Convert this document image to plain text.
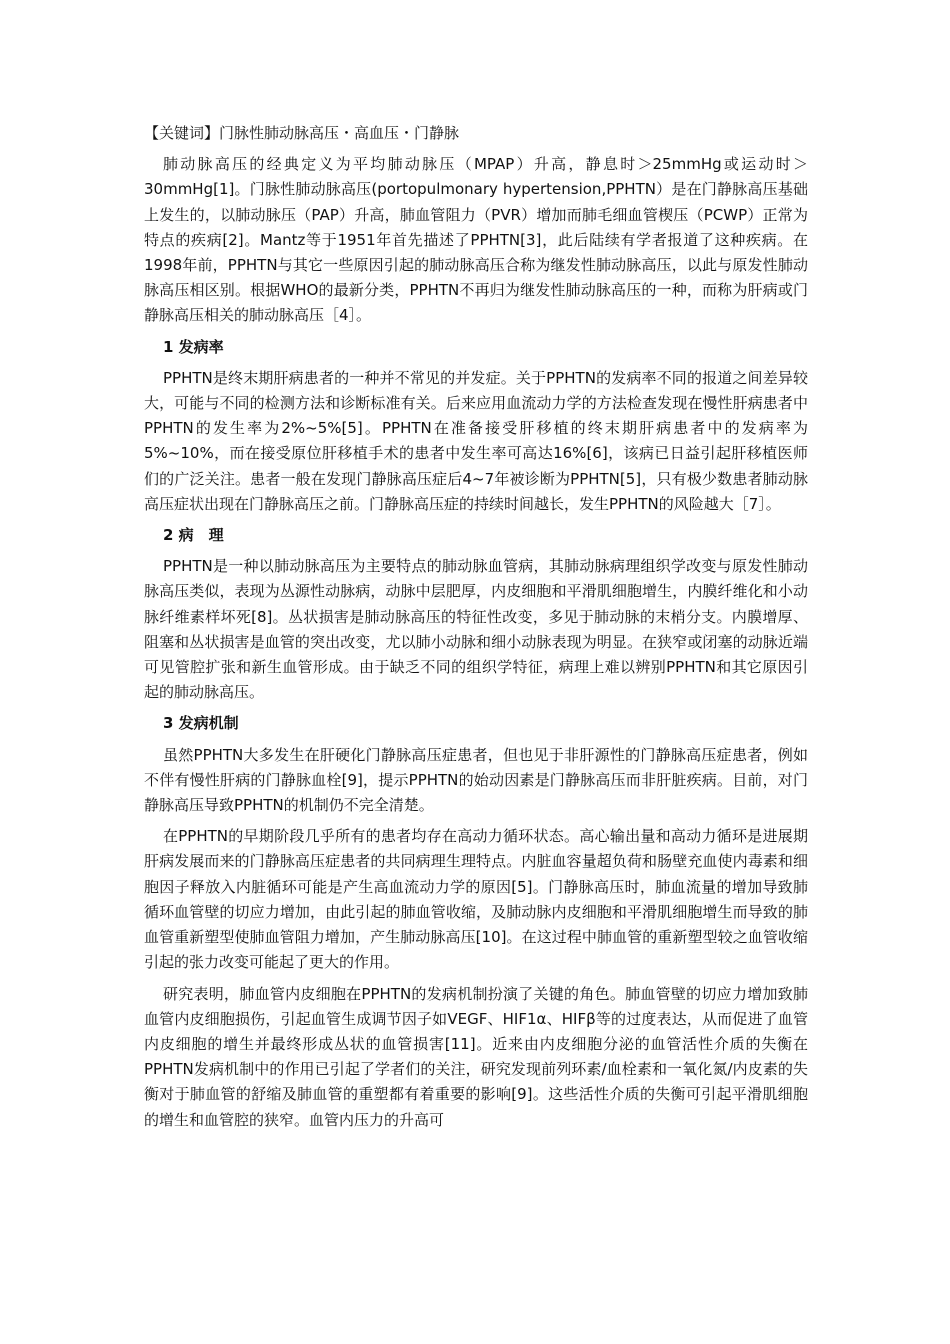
【关键词】门脉性肺动脉高压・高血压・门静脉

肺动脉高压的经典定义为平均肺动脉压（MPAP）升高，静息时＞25mmHg或运动时＞30mmHg[1]。门脉性肺动脉高压(portopulmonary hypertension,PPHTN）是在门静脉高压基础上发生的，以肺动脉压（PAP）升高，肺血管阻力（PVR）增加而肺毛细血管楔压（PCWP）正常为特点的疾病[2]。Mantz等于1951年首先描述了PPHTN[3]，此后陆续有学者报道了这种疾病。在1998年前，PPHTN与其它一些原因引起的肺动脉高压合称为继发性肺动脉高压，以此与原发性肺动脉高压相区别。根据WHO的最新分类，PPHTN不再归为继发性肺动脉高压的一种，而称为肝病或门静脉高压相关的肺动脉高压［4］。

1 发病率

PPHTN是终末期肝病患者的一种并不常见的并发症。关于PPHTN的发病率不同的报道之间差异较大，可能与不同的检测方法和诊断标准有关。后来应用血流动力学的方法检查发现在慢性肝病患者中PPHTN的发生率为2%~5%[5]。PPHTN在准备接受肝移植的终末期肝病患者中的发病率为5%~10%，而在接受原位肝移植手术的患者中发生率可高达16%[6]，该病已日益引起肝移植医师们的广泛关注。患者一般在发现门静脉高压症后4~7年被诊断为PPHTN[5]，只有极少数患者肺动脉高压症状出现在门静脉高压之前。门静脉高压症的持续时间越长，发生PPHTN的风险越大［7］。

2 病　理

PPHTN是一种以肺动脉高压为主要特点的肺动脉血管病，其肺动脉病理组织学改变与原发性肺动脉高压类似，表现为丛源性动脉病，动脉中层肥厚，内皮细胞和平滑肌细胞增生，内膜纤维化和小动脉纤维素样坏死[8]。丛状损害是肺动脉高压的特征性改变，多见于肺动脉的末梢分支。内膜增厚、阻塞和丛状损害是血管的突出改变，尤以肺小动脉和细小动脉表现为明显。在狭窄或闭塞的动脉近端可见管腔扩张和新生血管形成。由于缺乏不同的组织学特征，病理上难以辨别PPHTN和其它原因引起的肺动脉高压。

3 发病机制

虽然PPHTN大多发生在肝硬化门静脉高压症患者，但也见于非肝源性的门静脉高压症患者，例如不伴有慢性肝病的门静脉血栓[9]，提示PPHTN的始动因素是门静脉高压而非肝脏疾病。目前，对门静脉高压导致PPHTN的机制仍不完全清楚。

在PPHTN的早期阶段几乎所有的患者均存在高动力循环状态。高心输出量和高动力循环是进展期肝病发展而来的门静脉高压症患者的共同病理生理特点。内脏血容量超负荷和肠壁充血使内毒素和细胞因子释放入内脏循环可能是产生高血流动力学的原因[5]。门静脉高压时，肺血流量的增加导致肺循环血管壁的切应力增加，由此引起的肺血管收缩，及肺动脉内皮细胞和平滑肌细胞增生而导致的肺血管重新塑型使肺血管阻力增加，产生肺动脉高压[10]。在这过程中肺血管的重新塑型较之血管收缩引起的张力改变可能起了更大的作用。

研究表明，肺血管内皮细胞在PPHTN的发病机制扮演了关键的角色。肺血管壁的切应力增加致肺血管内皮细胞损伤，引起血管生成调节因子如VEGF、HIF1α、HIFβ等的过度表达，从而促进了血管内皮细胞的增生并最终形成丛状的血管损害[11]。近来由内皮细胞分泌的血管活性介质的失衡在PPHTN发病机制中的作用已引起了学者们的关注，研究发现前列环素/血栓素和一氧化氮/内皮素的失衡对于肺血管的舒缩及肺血管的重塑都有着重要的影响[9]。这些活性介质的失衡可引起平滑肌细胞的增生和血管腔的狭窄。血管内压力的升高可
